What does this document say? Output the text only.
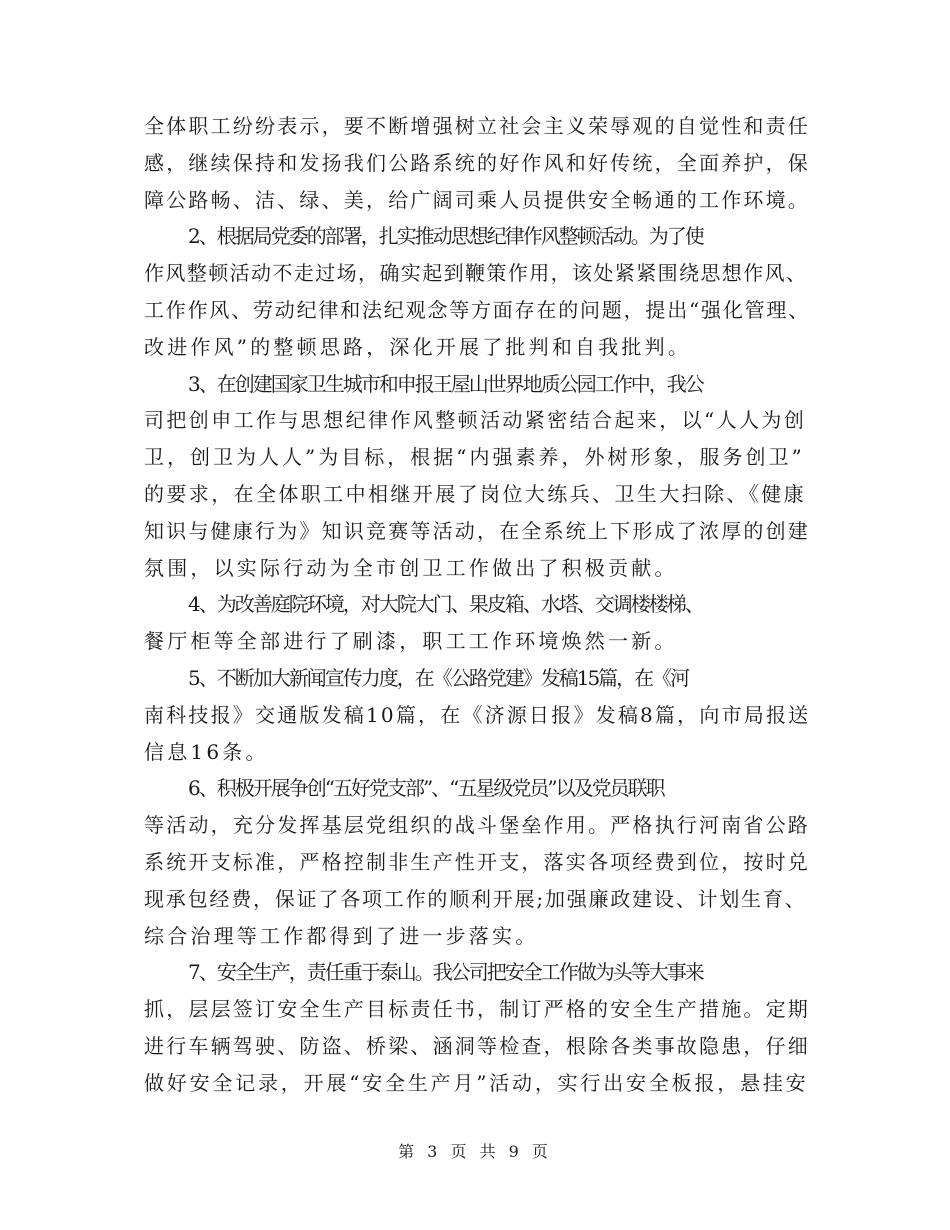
全体职工纷纷表示，要不断增强树立社会主义荣辱观的自觉性和责任
感，继续保持和发扬我们公路系统的好作风和好传统，全面养护，保
障公路畅、洁、绿、美，给广阔司乘人员提供安全畅通的工作环境。
2、根据局党委的部署，扎实推动思想纪律作风整顿活动。为了使
作风整顿活动不走过场，确实起到鞭策作用，该处紧紧围绕思想作风、
工作作风、劳动纪律和法纪观念等方面存在的问题，提出“强化管理、
改进作风”的整顿思路，深化开展了批判和自我批判。
3、在创建国家卫生城市和申报王屋山世界地质公园工作中，我公
司把创申工作与思想纪律作风整顿活动紧密结合起来，以“人人为创
卫，创卫为人人”为目标，根据“内强素养，外树形象，服务创卫”
的要求，在全体职工中相继开展了岗位大练兵、卫生大扫除、《健康
知识与健康行为》知识竞赛等活动，在全系统上下形成了浓厚的创建
氛围，以实际行动为全市创卫工作做出了积极贡献。
4、为改善庭院环境，对大院大门、果皮箱、水塔、交调楼楼梯、
餐厅柜等全部进行了刷漆，职工工作环境焕然一新。
5、不断加大新闻宣传力度，在《公路党建》发稿15篇，在《河
南科技报》交通版发稿10篇，在《济源日报》发稿8篇，向市局报送
信息16条。
6、积极开展争创“五好党支部”、“五星级党员”以及党员联职
等活动，充分发挥基层党组织的战斗堡垒作用。严格执行河南省公路
系统开支标准，严格控制非生产性开支，落实各项经费到位，按时兑
现承包经费，保证了各项工作的顺利开展;加强廉政建设、计划生育、
综合治理等工作都得到了进一步落实。
7、安全生产，责任重于泰山。我公司把安全工作做为头等大事来
抓，层层签订安全生产目标责任书，制订严格的安全生产措施。定期
进行车辆驾驶、防盗、桥梁、涵洞等检查，根除各类事故隐患，仔细
做好安全记录，开展“安全生产月”活动，实行出安全板报，悬挂安
第 3 页 共 9 页
